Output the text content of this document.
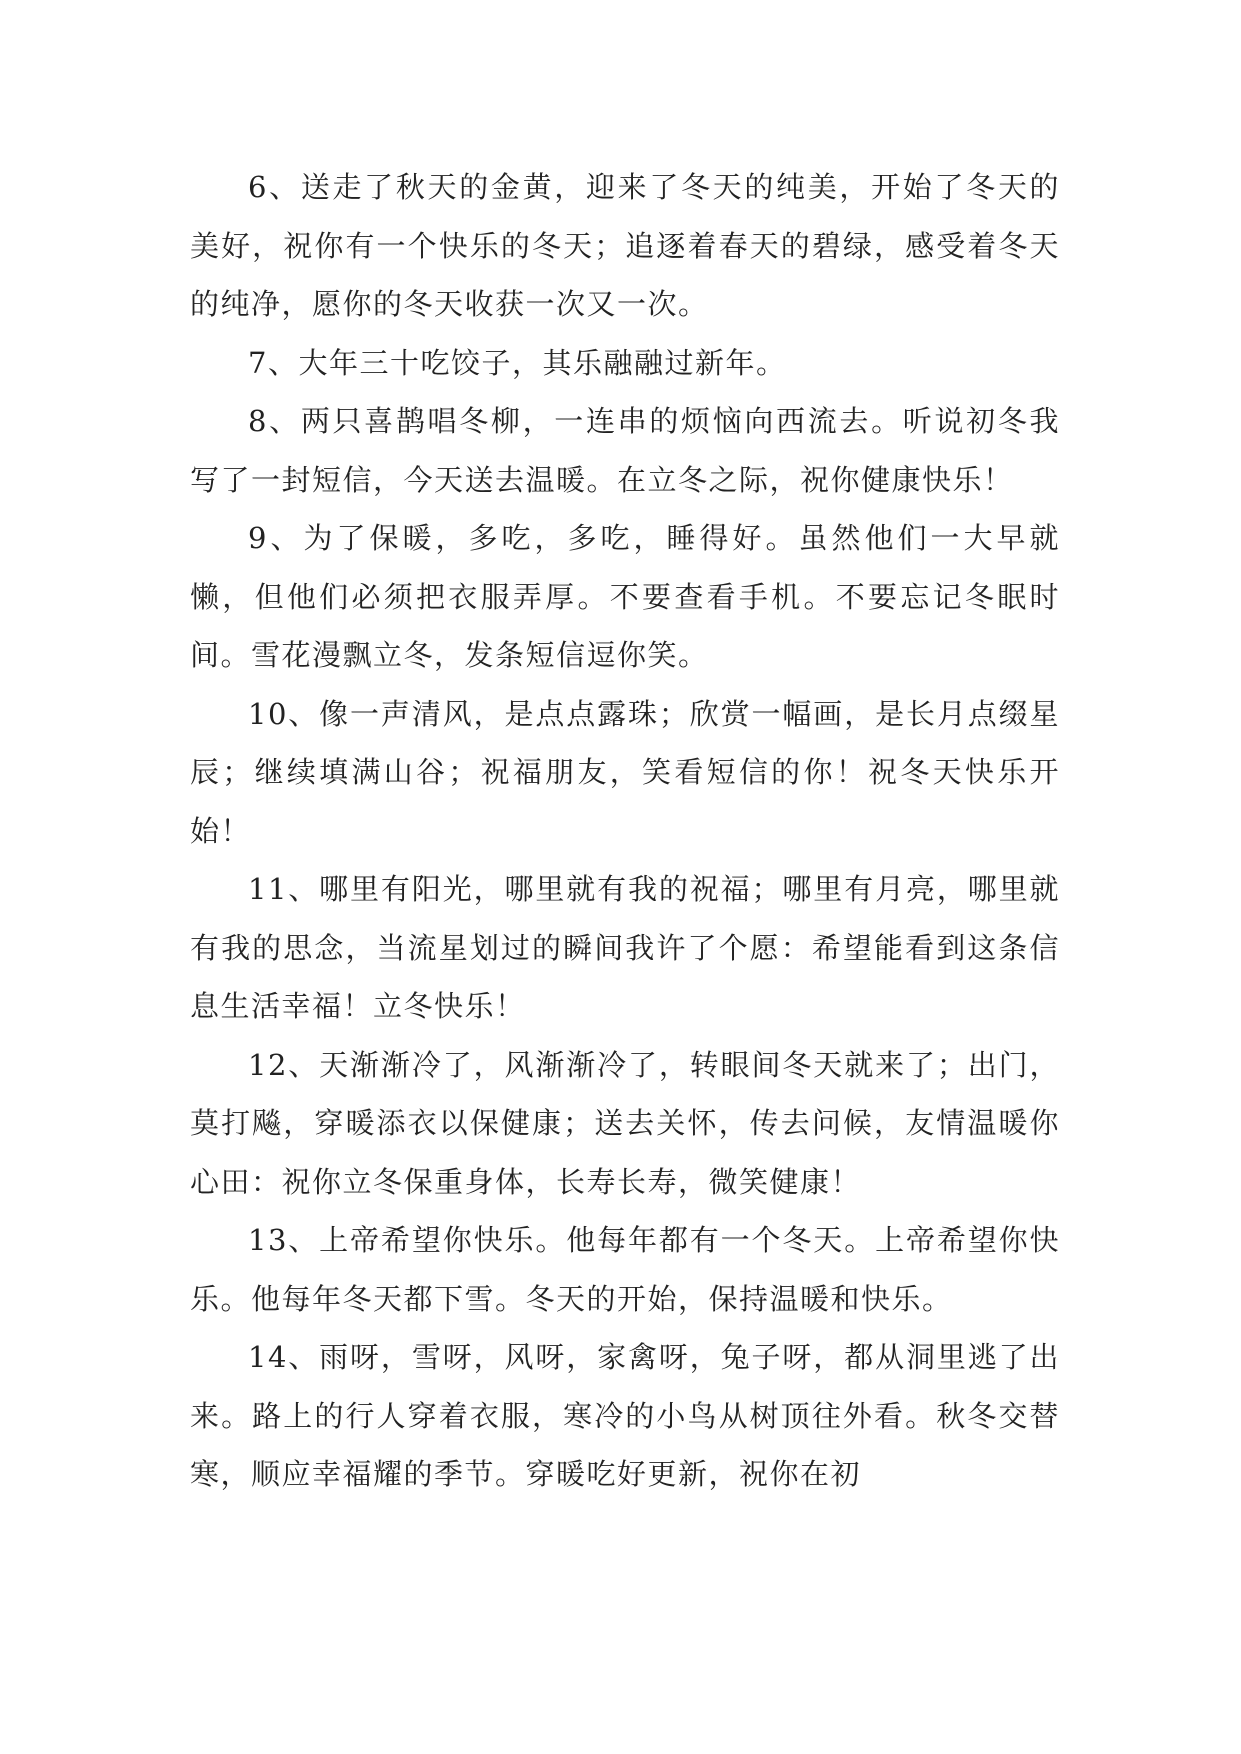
6、送走了秋天的金黄，迎来了冬天的纯美，开始了冬天的美好，祝你有一个快乐的冬天；追逐着春天的碧绿，感受着冬天的纯净，愿你的冬天收获一次又一次。

7、大年三十吃饺子，其乐融融过新年。

8、两只喜鹊唱冬柳，一连串的烦恼向西流去。听说初冬我写了一封短信，今天送去温暖。在立冬之际，祝你健康快乐！

9、为了保暖，多吃，多吃，睡得好。虽然他们一大早就懒，但他们必须把衣服弄厚。不要查看手机。不要忘记冬眠时间。雪花漫飘立冬，发条短信逗你笑。

10、像一声清风，是点点露珠；欣赏一幅画，是长月点缀星辰；继续填满山谷；祝福朋友，笑看短信的你！祝冬天快乐开始！

11、哪里有阳光，哪里就有我的祝福；哪里有月亮，哪里就有我的思念，当流星划过的瞬间我许了个愿：希望能看到这条信息生活幸福！立冬快乐！

12、天渐渐冷了，风渐渐冷了，转眼间冬天就来了；出门，莫打飚，穿暖添衣以保健康；送去关怀，传去问候，友情温暖你心田：祝你立冬保重身体，长寿长寿，微笑健康！

13、上帝希望你快乐。他每年都有一个冬天。上帝希望你快乐。他每年冬天都下雪。冬天的开始，保持温暖和快乐。

14、雨呀，雪呀，风呀，家禽呀，兔子呀，都从洞里逃了出来。路上的行人穿着衣服，寒冷的小鸟从树顶往外看。秋冬交替寒，顺应幸福耀的季节。穿暖吃好更新，祝你在初
